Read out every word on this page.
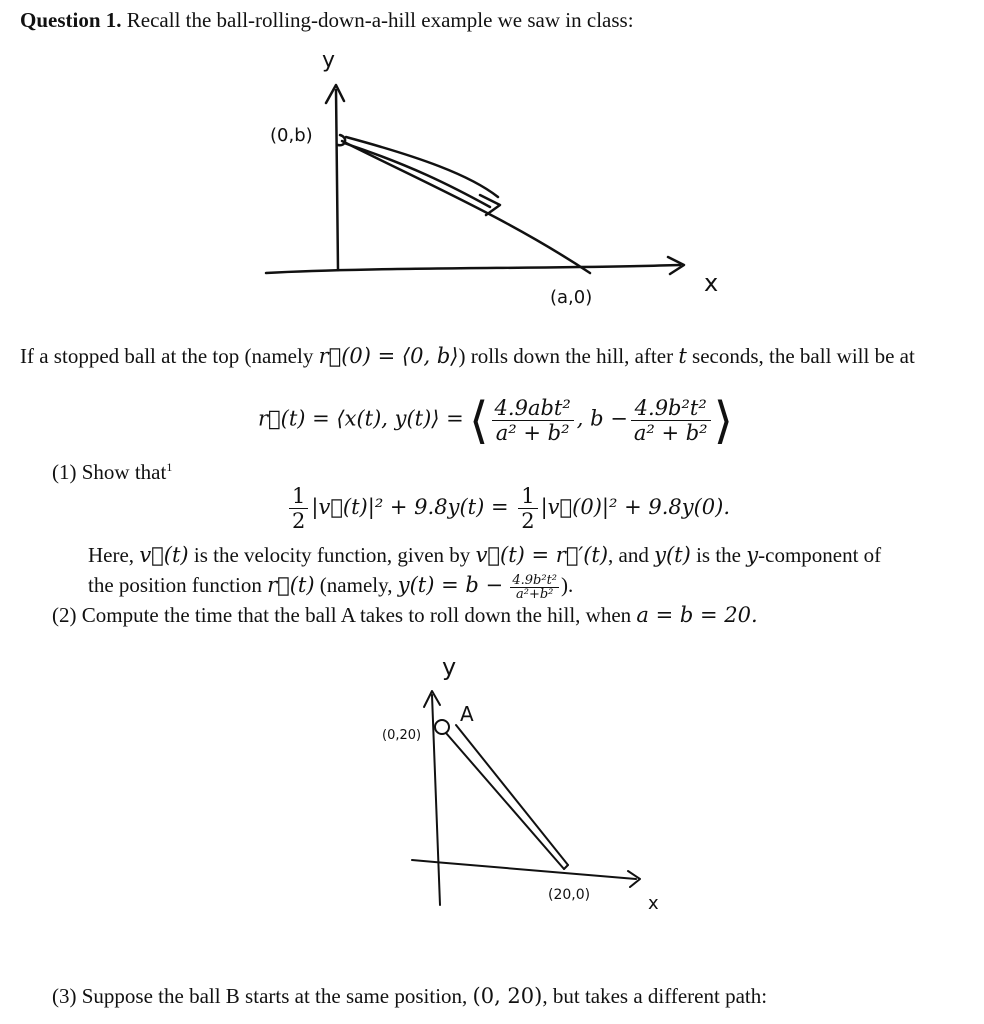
Question 1. Recall the ball-rolling-down-a-hill example we saw in class:
y
x
(0,b)
(a,0)
If a stopped ball at the top (namely r⃗(0) = ⟨0, b⟩) rolls down the hill, after t seconds, the ball will be at
r⃗(t) = ⟨x(t), y(t)⟩ = ⟨ $\frac{\text{4.9abt²}}{\text{a² + b²}}$ , $b - \frac{\text{4.9b²t²}}{\text{a² + b²}}$ ⟩
(1) Show that$^1$
$\frac{1}{2}$ |v⃗(t)|² + $9.8y(t) = \frac{1}{2}$ |v⃗(0)|² + 9.8y(0).
Here, v⃗(t) is the velocity function, given by v⃗(t) = r⃗′(t), and y(t) is the y-component of
the position function r⃗(t) (namely, $y(t) = b - \frac{\text{4.9b²t²}}{\text{a²+b²}}$ ).
(2) Compute the time that the ball A takes to roll down the hill, when a = b = 20.
y
A
(0,20)
(20,0)	x
(3) Suppose the ball B starts at the same position, (0, 20), but takes a different path:
